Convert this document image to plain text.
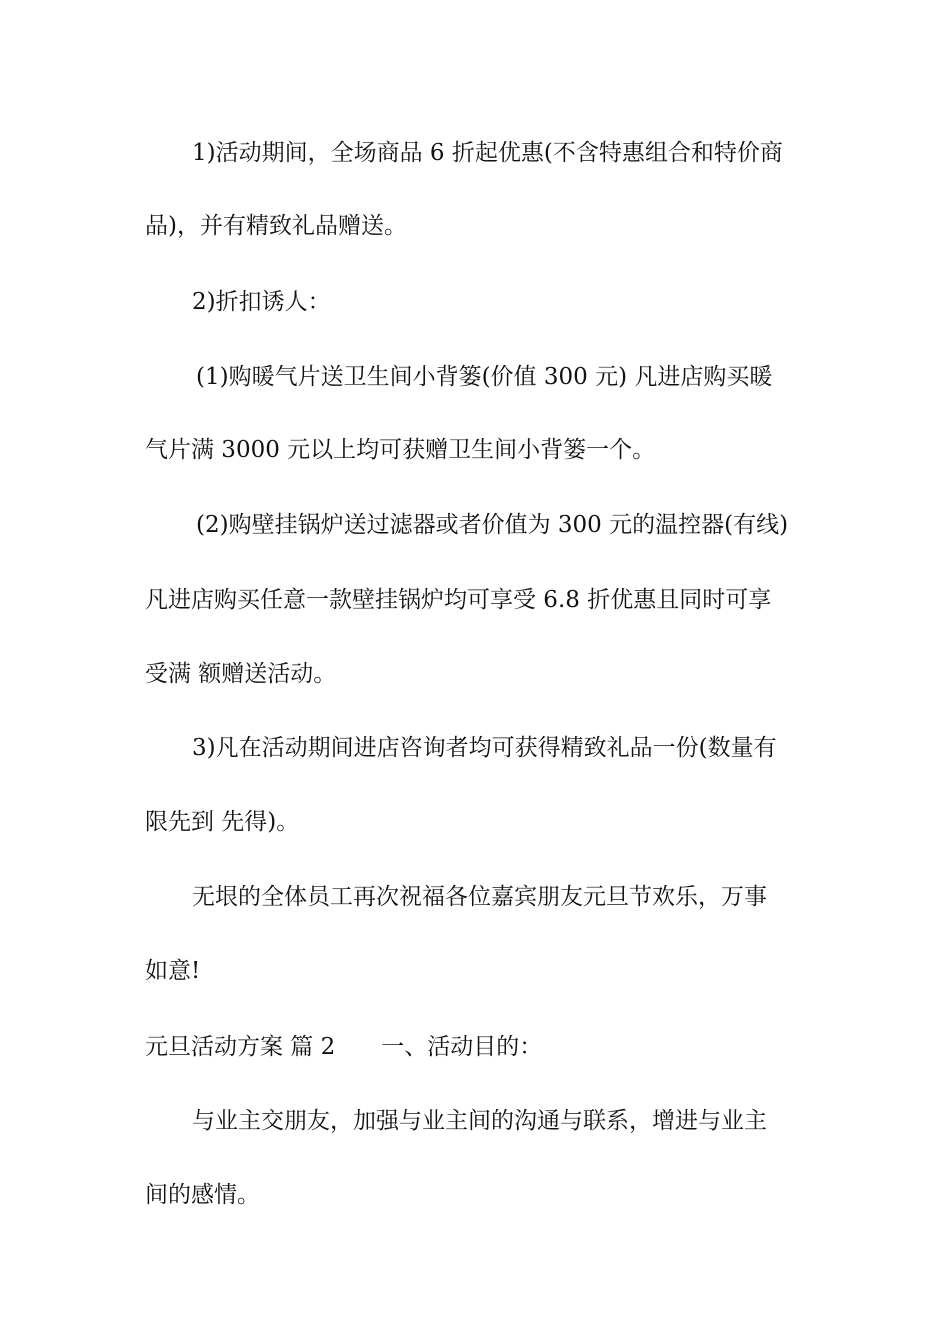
1)活动期间，全场商品 6 折起优惠(不含特惠组合和特价商
品)，并有精致礼品赠送。
2)折扣诱人：
(1)购暖气片送卫生间小背篓(价值 300 元) 凡进店购买暖
气片满 3000 元以上均可获赠卫生间小背篓一个。
(2)购壁挂锅炉送过滤器或者价值为 300 元的温控器(有线)
凡进店购买任意一款壁挂锅炉均可享受 6.8 折优惠且同时可享
受满 额赠送活动。
3)凡在活动期间进店咨询者均可获得精致礼品一份(数量有
限先到 先得)。
无垠的全体员工再次祝福各位嘉宾朋友元旦节欢乐，万事
如意!
元旦活动方案 篇 2 一、活动目的：
与业主交朋友，加强与业主间的沟通与联系，增进与业主
间的感情。
